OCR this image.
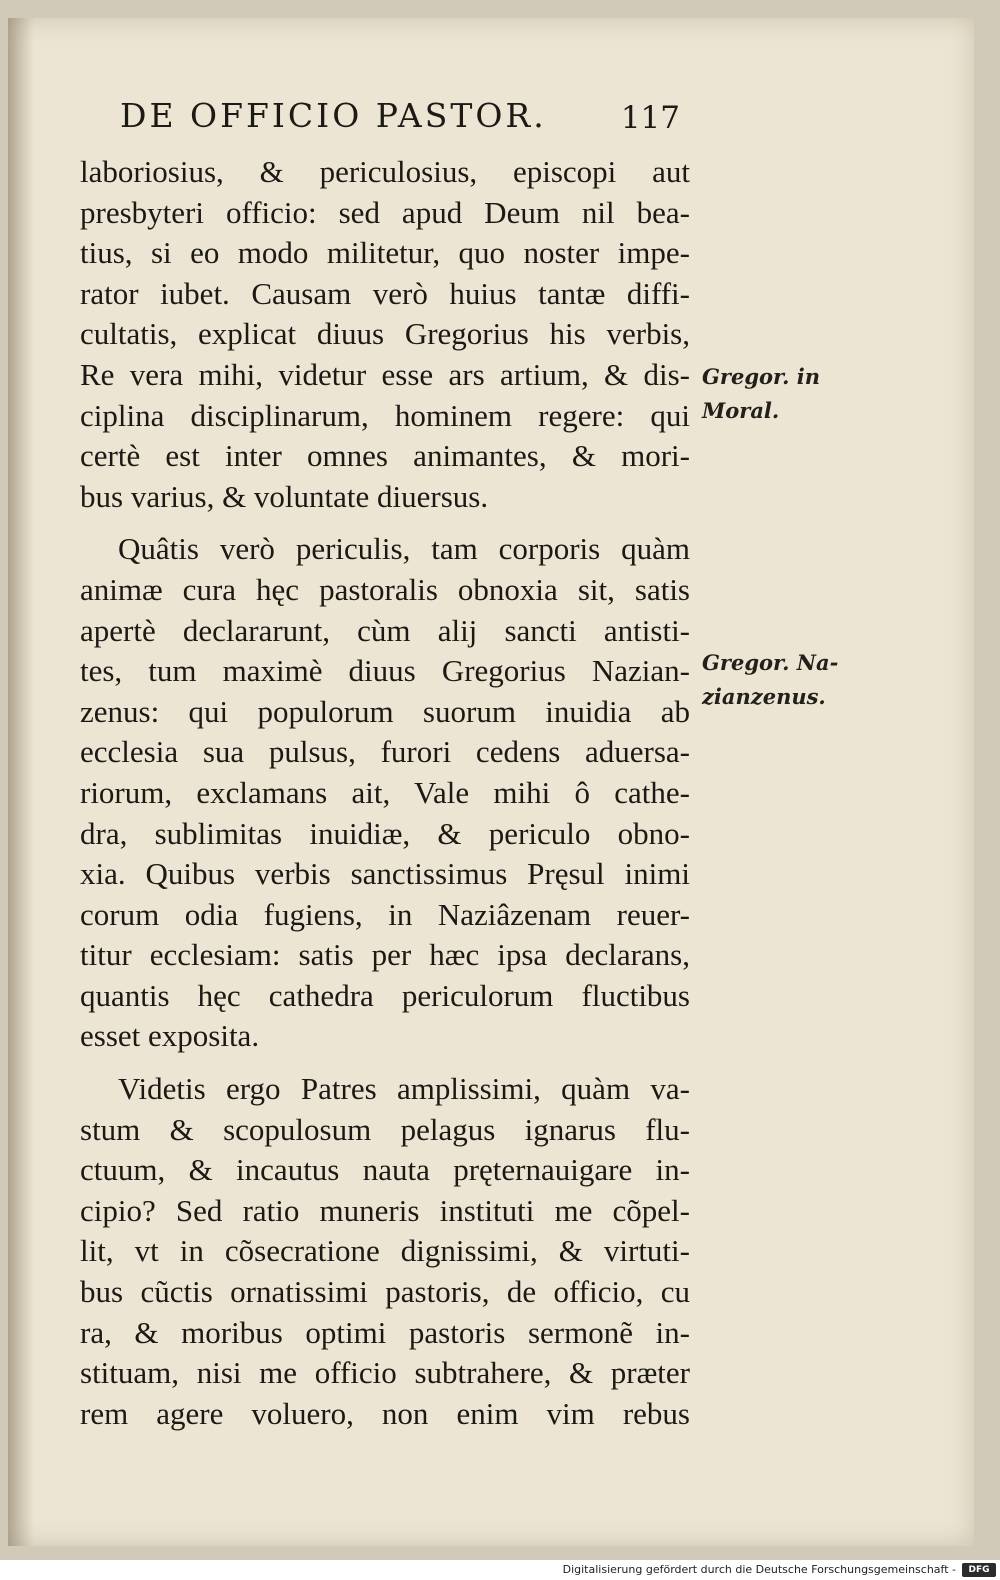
DE OFFICIO PASTOR. 117
laboriosius, & periculosius, episcopi aut
presbyteri officio: sed apud Deum nil bea-
tius, si eo modo militetur, quo noster impe-
rator iubet. Causam verò huius tantæ diffi-
cultatis, explicat diuus Gregorius his verbis,
Re vera mihi, videtur esse ars artium, & dis-
ciplina disciplinarum, hominem regere: qui
certè est inter omnes animantes, & mori-
bus varius, & voluntate diuersus.
Quâtis verò periculis, tam corporis quàm
animæ cura hęc pastoralis obnoxia sit, satis
apertè declararunt, cùm alij sancti antisti-
tes, tum maximè diuus Gregorius Nazian-
zenus: qui populorum suorum inuidia ab
ecclesia sua pulsus, furori cedens aduersa-
riorum, exclamans ait, Vale mihi ô cathe-
dra, sublimitas inuidiæ, & periculo obno-
xia. Quibus verbis sanctissimus Pręsul inimi
corum odia fugiens, in Naziâzenam reuer-
titur ecclesiam: satis per hæc ipsa declarans,
quantis hęc cathedra periculorum fluctibus
esset exposita.
Videtis ergo Patres amplissimi, quàm va-
stum & scopulosum pelagus ignarus flu-
ctuum, & incautus nauta pręternauigare in-
cipio? Sed ratio muneris instituti me cõpel-
lit, vt in cõsecratione dignissimi, & virtuti-
bus cũctis ornatissimi pastoris, de officio, cu
ra, & moribus optimi pastoris sermonẽ in-
stituam, nisi me officio subtrahere, & præter
rem agere voluero, non enim vim rebus
Gregor. in
Moral.
Gregor. Na-
zianzenus.
Digitalisierung gefördert durch die Deutsche Forschungsgemeinschaft -	DFG
